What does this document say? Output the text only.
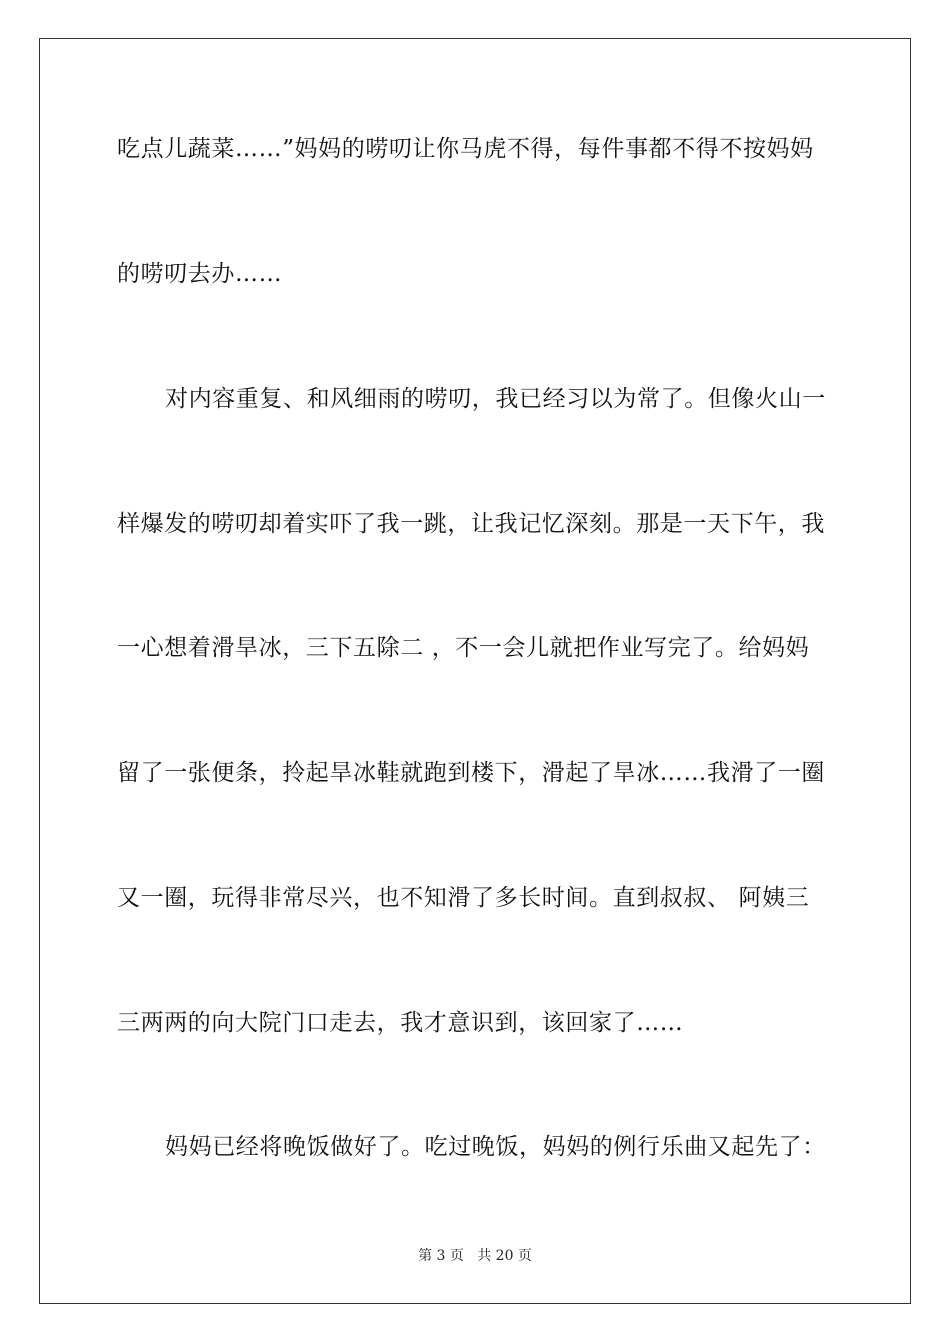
吃点儿蔬菜……”妈妈的唠叨让你马虎不得，每件事都不得不按妈妈
的唠叨去办……
对内容重复、和风细雨的唠叨，我已经习以为常了。但像火山一
样爆发的唠叨却着实吓了我一跳，让我记忆深刻。那是一天下午，我
一心想着滑旱冰，三下五除二 ，不一会儿就把作业写完了。给妈妈
留了一张便条，拎起旱冰鞋就跑到楼下，滑起了旱冰……我滑了一圈
又一圈，玩得非常尽兴，也不知滑了多长时间。直到叔叔、 阿姨三
三两两的向大院门口走去，我才意识到，该回家了……
妈妈已经将晚饭做好了。吃过晚饭，妈妈的例行乐曲又起先了：
第 3 页   共 20 页
